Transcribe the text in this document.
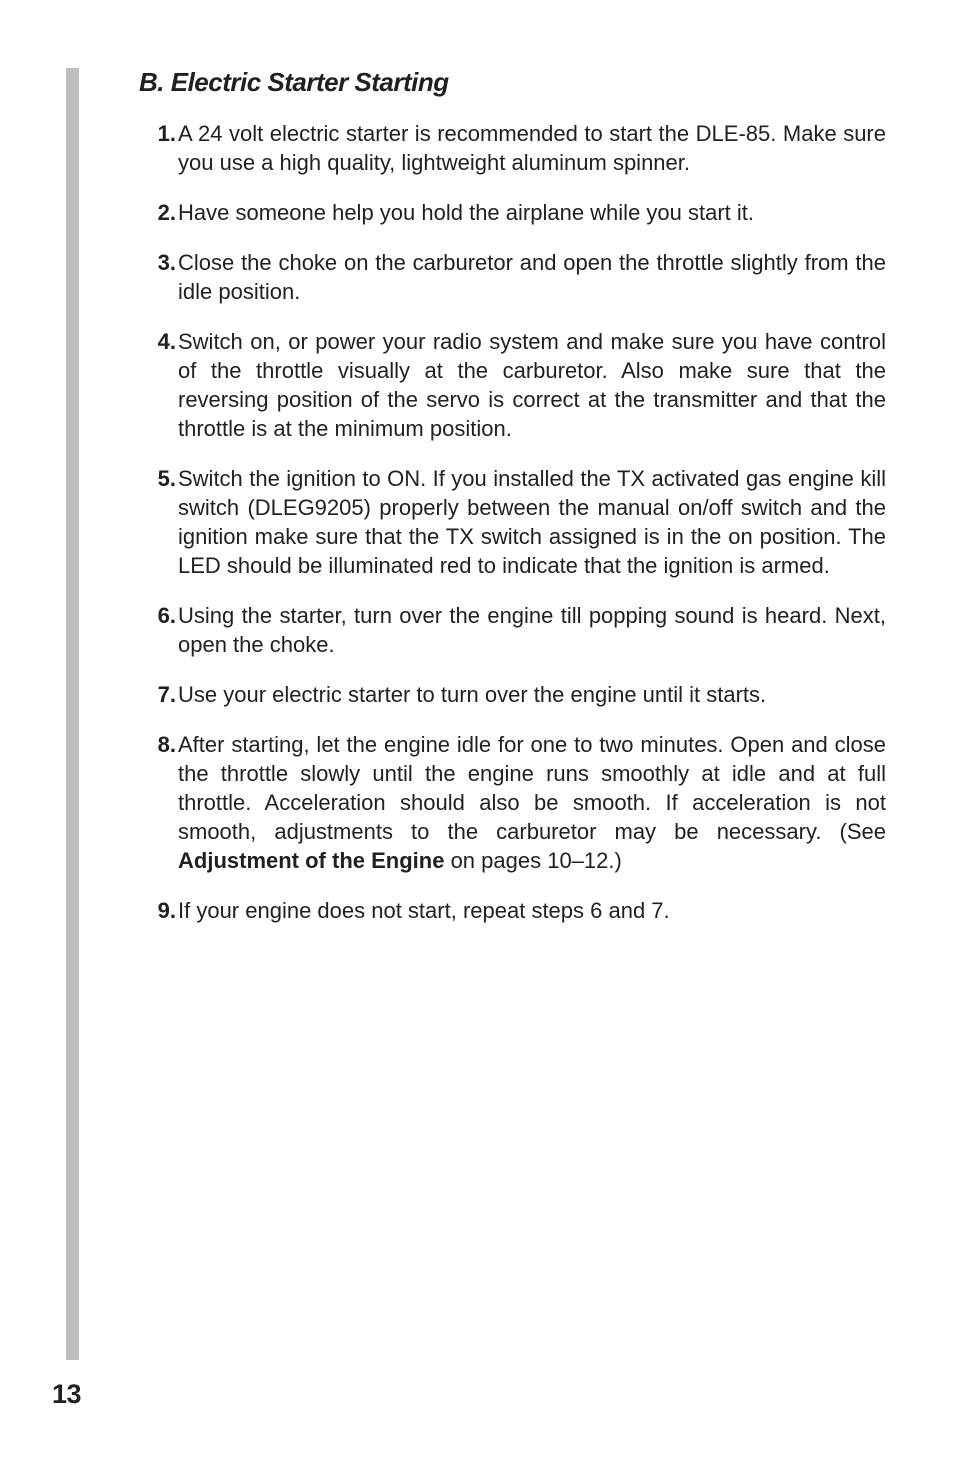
B. Electric Starter Starting
1. A 24 volt electric starter is recommended to start the DLE-85. Make sure you use a high quality, lightweight aluminum spinner.
2. Have someone help you hold the airplane while you start it.
3. Close the choke on the carburetor and open the throttle slightly from the idle position.
4. Switch on, or power your radio system and make sure you have control of the throttle visually at the carburetor. Also make sure that the reversing position of the servo is correct at the transmitter and that the throttle is at the minimum position.
5. Switch the ignition to ON. If you installed the TX activated gas engine kill switch (DLEG9205) properly between the manual on/off switch and the ignition make sure that the TX switch assigned is in the on position. The LED should be illuminated red to indicate that the ignition is armed.
6. Using the starter, turn over the engine till popping sound is heard. Next, open the choke.
7. Use your electric starter to turn over the engine until it starts.
8. After starting, let the engine idle for one to two minutes. Open and close the throttle slowly until the engine runs smoothly at idle and at full throttle. Acceleration should also be smooth. If acceleration is not smooth, adjustments to the carburetor may be necessary. (See Adjustment of the Engine on pages 10–12.)
9. If your engine does not start, repeat steps 6 and 7.
13
